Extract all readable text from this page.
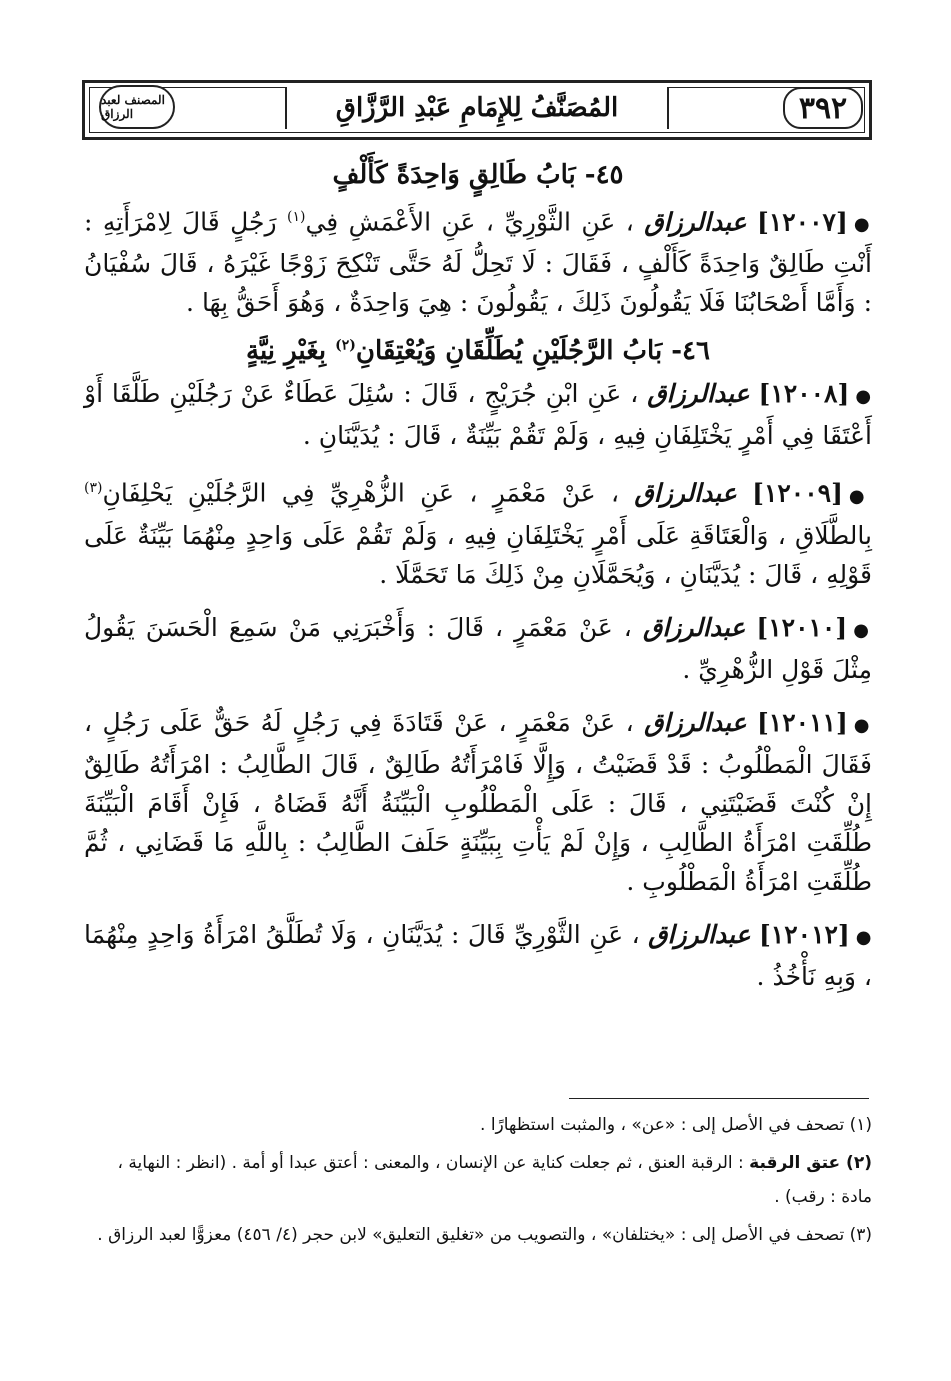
المصنف لعبد الرزاق	المُصَنَّفُ لِلإِمَامِ عَبْدِ الرَّزَّاقِ	٣٩٢
٤٥- بَابُ طَالِقٍ وَاحِدَةً كَأَلْفٍ

●[١٢٠٠٧] عبدالرزاق ، عَنِ الثَّوْرِيِّ ، عَنِ الأَعْمَشِ فِي$^{(١)}$ رَجُلٍ قَالَ لِامْرَأَتِهِ : أَنْتِ طَالِقٌ وَاحِدَةً كَأَلْفٍ ، فَقَالَ : لَا تَحِلُّ لَهُ حَتَّى تَنْكِحَ زَوْجًا غَيْرَهُ ، قَالَ سُفْيَانُ : وَأَمَّا أَصْحَابُنَا فَلَا يَقُولُونَ ذَلِكَ ، يَقُولُونَ : هِيَ وَاحِدَةٌ ، وَهُوَ أَحَقُّ بِهَا .

٤٦- بَابُ الرَّجُلَيْنِ يُطَلِّقَانِ وَيُعْتِقَانِ$^{(٢)}$ بِغَيْرِ نِيَّةٍ

●[١٢٠٠٨] عبدالرزاق ، عَنِ ابْنِ جُرَيْجٍ ، قَالَ : سُئِلَ عَطَاءٌ عَنْ رَجُلَيْنِ طَلَّقَا أَوْ أَعْتَقَا فِي أَمْرٍ يَخْتَلِفَانِ فِيهِ ، وَلَمْ تَقُمْ بَيِّنَةٌ ، قَالَ : يُدَيَّنَانِ .

●[١٢٠٠٩] عبدالرزاق ، عَنْ مَعْمَرٍ ، عَنِ الزُّهْرِيِّ فِي الرَّجُلَيْنِ يَحْلِفَانِ$^{(٣)}$ بِالطَّلَاقِ ، وَالْعَتَاقَةِ عَلَى أَمْرٍ يَخْتَلِفَانِ فِيهِ ، وَلَمْ تَقُمْ عَلَى وَاحِدٍ مِنْهُمَا بَيِّنَةٌ عَلَى قَوْلِهِ ، قَالَ : يُدَيَّنَانِ ، وَيُحَمَّلَانِ مِنْ ذَلِكَ مَا تَحَمَّلَا .

●[١٢٠١٠] عبدالرزاق ، عَنْ مَعْمَرٍ ، قَالَ : وَأَخْبَرَنِي مَنْ سَمِعَ الْحَسَنَ يَقُولُ مِثْلَ قَوْلِ الزُّهْرِيِّ .

●[١٢٠١١] عبدالرزاق ، عَنْ مَعْمَرٍ ، عَنْ قَتَادَةَ فِي رَجُلٍ لَهُ حَقٌّ عَلَى رَجُلٍ ، فَقَالَ الْمَطْلُوبُ : قَدْ قَضَيْتُ ، وَإِلَّا فَامْرَأَتُهُ طَالِقٌ ، قَالَ الطَّالِبُ : امْرَأَتُهُ طَالِقٌ إِنْ كُنْتَ قَضَيْتَنِي ، قَالَ : عَلَى الْمَطْلُوبِ الْبَيِّنَةُ أَنَّهُ قَضَاهُ ، فَإِنْ أَقَامَ الْبَيِّنَةَ طُلِّقَتِ امْرَأَةُ الطَّالِبِ ، وَإِنْ لَمْ يَأْتِ بِبَيِّنَةٍ حَلَفَ الطَّالِبُ : بِاللَّهِ مَا قَضَانِي ، ثُمَّ طُلِّقَتِ امْرَأَةُ الْمَطْلُوبِ .

●[١٢٠١٢] عبدالرزاق ، عَنِ الثَّوْرِيِّ قَالَ : يُدَيَّنَانِ ، وَلَا تُطَلَّقُ امْرَأَةُ وَاحِدٍ مِنْهُمَا ، وَبِهِ نَأْخُذُ .

(١) تصحف في الأصل إلى : «عن» ، والمثبت استظهارًا .
(٢) عتق الرقبة : الرقبة العنق ، ثم جعلت كناية عن الإنسان ، والمعنى : أعتق عبدا أو أمة . (انظر : النهاية ، مادة : رقب) .
(٣) تصحف في الأصل إلى : «يختلفان» ، والتصويب من «تغليق التعليق» لابن حجر (٤/ ٤٥٦) معزوًّا لعبد الرزاق .
